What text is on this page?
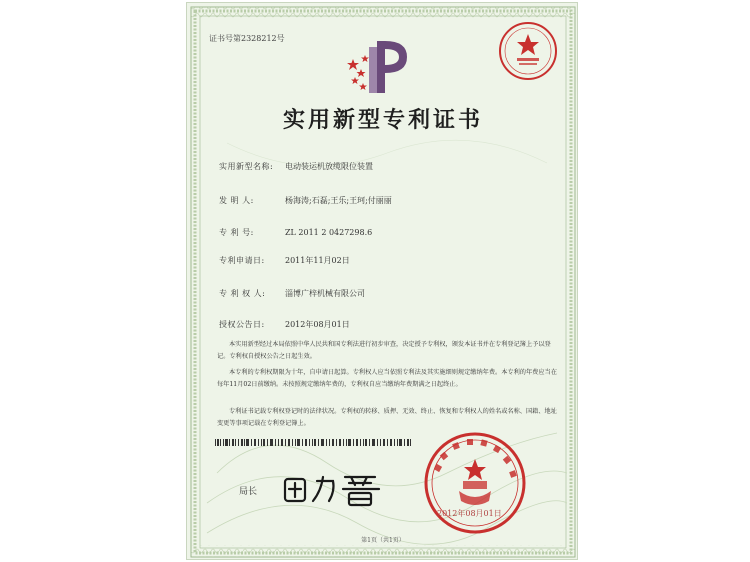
证书号第2328212号
实用新型专利证书
实用新型名称: 电动装运机放缆限位装置
发 明 人:	杨海涛;石磊;王乐;王珂;付丽丽
专 利 号:	ZL 2011 2 0427298.6
专利申请日:	2011年11月02日
专 利 权 人: 淄博广梓机械有限公司
授权公告日:	2012年08月01日
本实用新型经过本局依照中华人民共和国专利法进行初步审查，决定授予专利权，颁发本证书并在专利登记簿上予以登记。专利权自授权公告之日起生效。
本专利的专利权期限为十年，自申请日起算。专利权人应当依照专利法及其实施细则规定缴纳年费。本专利的年费应当在每年11月02日前缴纳。未按照规定缴纳年费的，专利权自应当缴纳年费期满之日起终止。
专利证书记载专利权登记时的法律状况。专利权的转移、质押、无效、终止、恢复和专利权人的姓名或名称、国籍、地址变更等事项记载在专利登记簿上。
局长
2012年08月01日
第1页（共1页）
